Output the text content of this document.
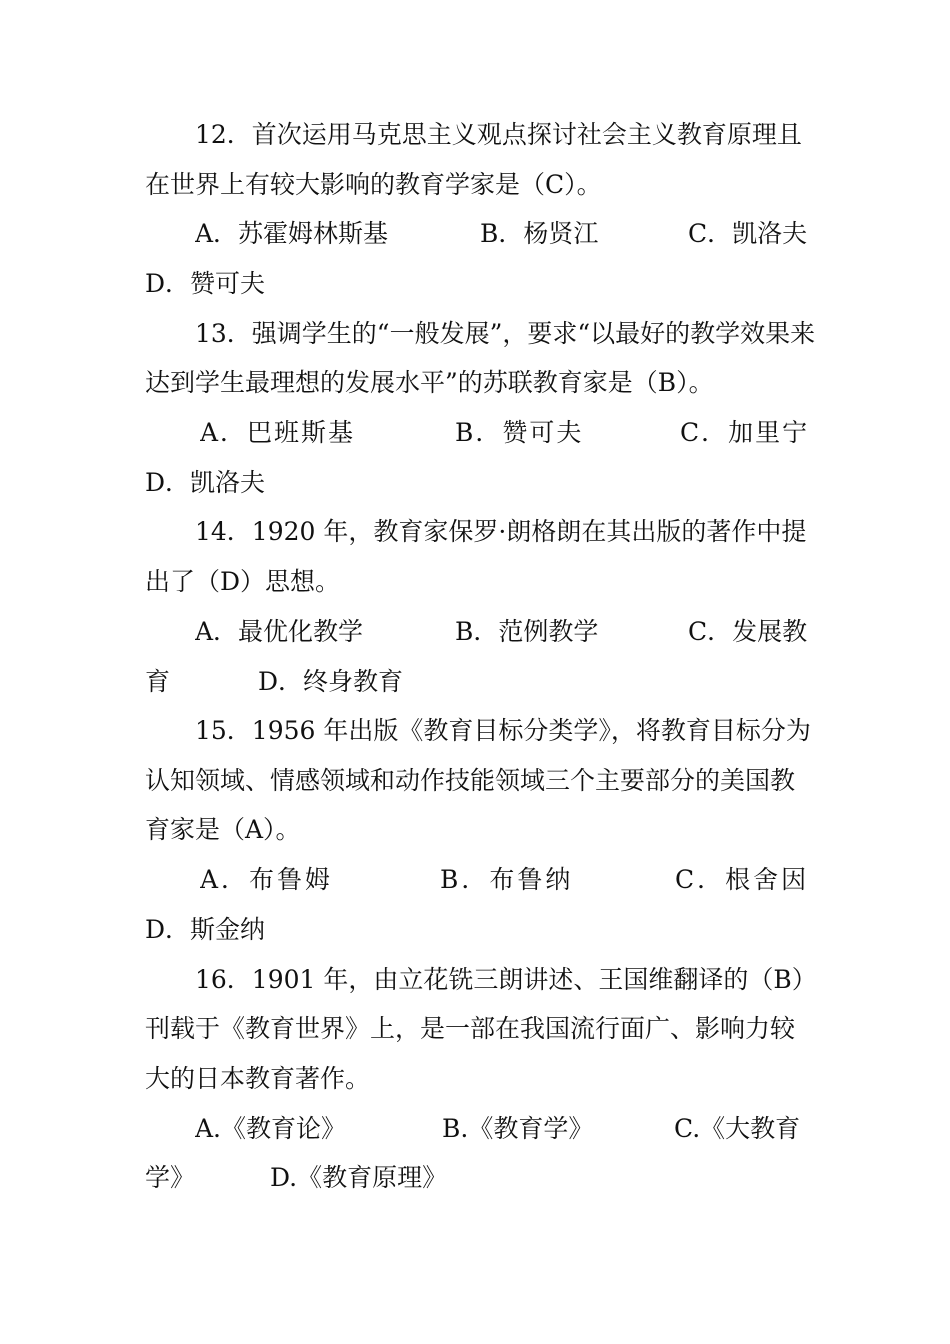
12．首次运用马克思主义观点探讨社会主义教育原理且
在世界上有较大影响的教育学家是（C）。
A．苏霍姆林斯基	B．杨贤江	C．凯洛夫
D．赞可夫
13．强调学生的“一般发展”，要求“以最好的教学效果来
达到学生最理想的发展水平”的苏联教育家是（B）。
A．巴班斯基	B．赞可夫	C．加里宁
D．凯洛夫
14．1920 年，教育家保罗·朗格朗在其出版的著作中提
出了（D）思想。
A．最优化教学	B．范例教学	C．发展教
育	D．终身教育
15．1956 年出版《教育目标分类学》，将教育目标分为
认知领域、情感领域和动作技能领域三个主要部分的美国教
育家是（A）。
A．布鲁姆	B．布鲁纳	C．根舍因
D．斯金纳
16．1901 年，由立花铣三朗讲述、王国维翻译的（B）
刊载于《教育世界》上，是一部在我国流行面广、影响力较
大的日本教育著作。
A.《教育论》	B.《教育学》	C.《大教育
学》	D.《教育原理》
